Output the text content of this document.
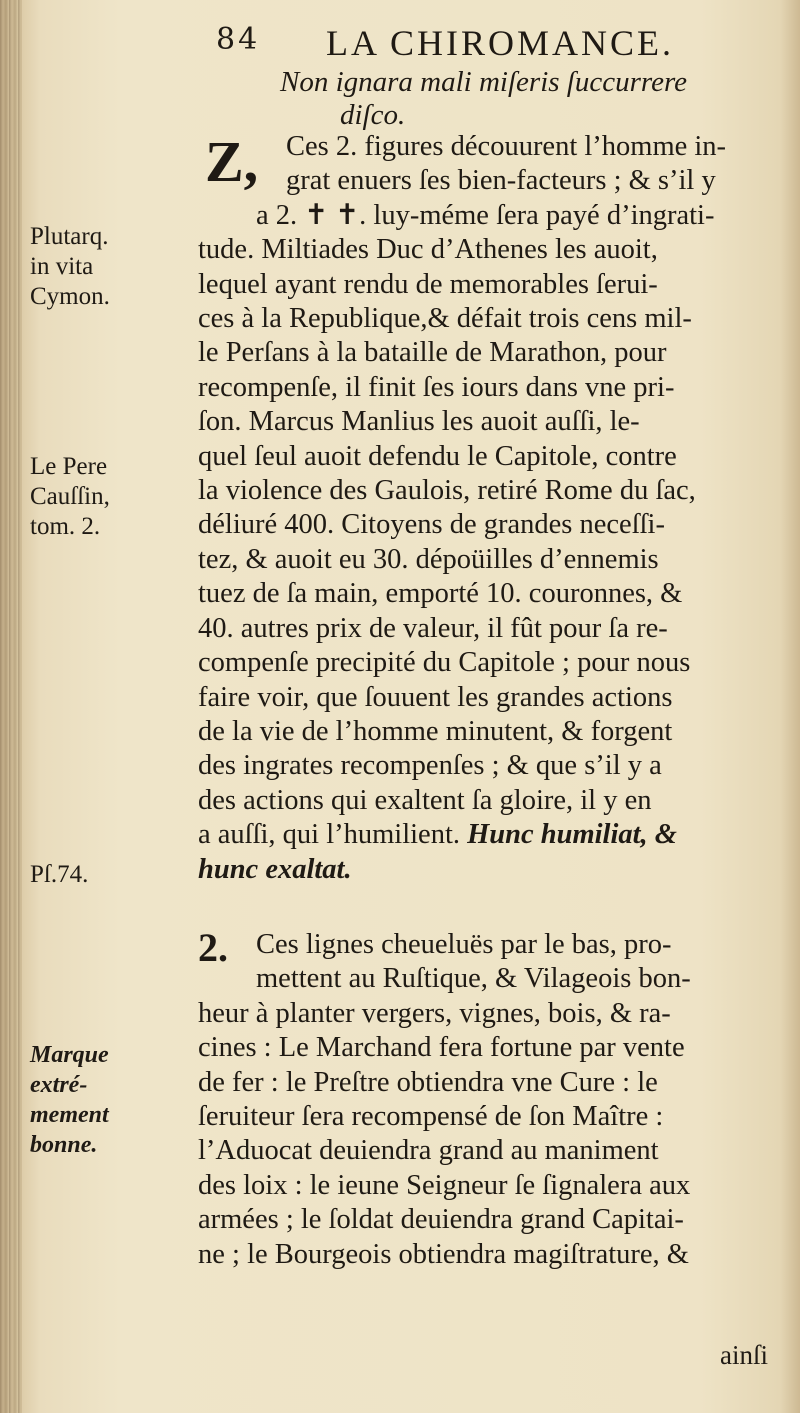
84 LA CHIROMANCE.
Non ignara mali miſeris ſuccurrere
diſco.
Plutarq.
in vita
Cymon.
Le Pere
Cauſſin,
tom. 2.
Pſ.74.
Marque
extré-
mement
bonne.
Z, Ces 2. figures découurent l’homme in-
grat enuers ſes bien-facteurs ; & s’il y
a 2. ✝ ✝. luy-méme ſera payé d’ingrati-
tude. Miltiades Duc d’Athenes les auoit,
lequel ayant rendu de memorables ſerui-
ces à la Republique,& défait trois cens mil-
le Perſans à la bataille de Marathon, pour
recompenſe, il finit ſes iours dans vne pri-
ſon. Marcus Manlius les auoit auſſi, le-
quel ſeul auoit defendu le Capitole, contre
la violence des Gaulois, retiré Rome du ſac,
déliuré 400. Citoyens de grandes neceſſi-
tez, & auoit eu 30. dépoüilles d’ennemis
tuez de ſa main, emporté 10. couronnes, &
40. autres prix de valeur, il fût pour ſa re-
compenſe precipité du Capitole ; pour nous
faire voir, que ſouuent les grandes actions
de la vie de l’homme minutent, & forgent
des ingrates recompenſes ; & que s’il y a
des actions qui exaltent ſa gloire, il y en
a auſſi, qui l’humilient. Hunc humiliat, &
hunc exaltat.
2. Ces lignes cheueluës par le bas, pro-
mettent au Ruſtique, & Vilageois bon-
heur à planter vergers, vignes, bois, & ra-
cines : Le Marchand fera fortune par vente
de fer : le Preſtre obtiendra vne Cure : le
ſeruiteur ſera recompensé de ſon Maître :
l’Aduocat deuiendra grand au maniment
des loix : le ieune Seigneur ſe ſignalera aux
armées ; le ſoldat deuiendra grand Capitai-
ne ; le Bourgeois obtiendra magiſtrature, &
ainſi
